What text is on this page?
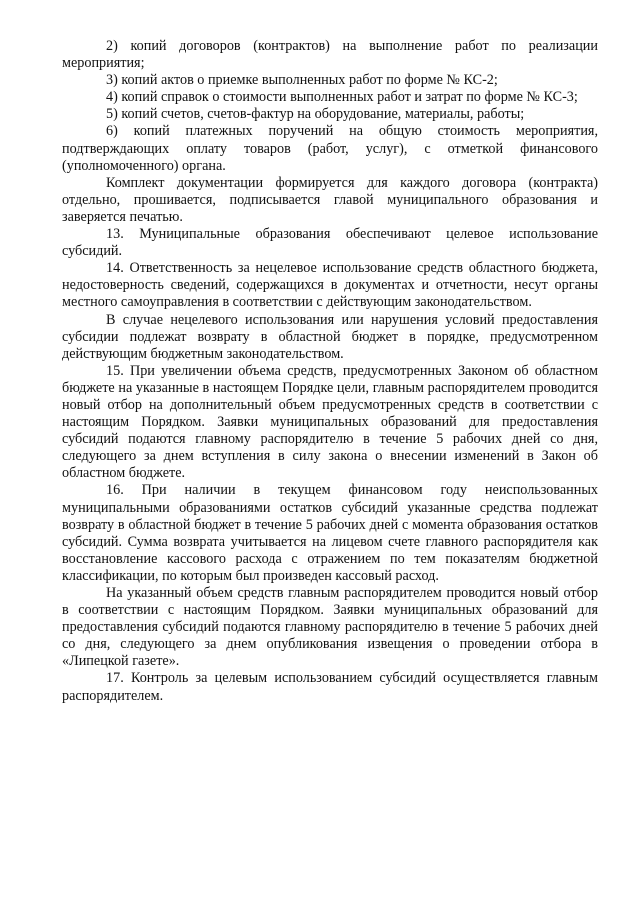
2) копий договоров (контрактов) на выполнение работ по реализации мероприятия;

3) копий актов о приемке выполненных работ по форме № КС-2;

4) копий справок о стоимости выполненных работ и затрат по форме № КС-3;

5) копий счетов, счетов-фактур на оборудование, материалы, работы;

6) копий платежных поручений на общую стоимость мероприятия, подтверждающих оплату товаров (работ, услуг), с отметкой финансового (уполномоченного) органа.

Комплект документации формируется для каждого договора (контракта) отдельно, прошивается, подписывается главой муниципального образования и заверяется печатью.

13. Муниципальные образования обеспечивают целевое использование субсидий.

14. Ответственность за нецелевое использование средств областного бюджета, недостоверность сведений, содержащихся в документах и отчетности, несут органы местного самоуправления в соответствии с действующим законодательством.

В случае нецелевого использования или нарушения условий предоставления субсидии подлежат возврату в областной бюджет в порядке, предусмотренном действующим бюджетным законодательством.

15. При увеличении объема средств, предусмотренных Законом об областном бюджете на указанные в настоящем Порядке цели, главным распорядителем проводится новый отбор на дополнительный объем предусмотренных средств в соответствии с настоящим Порядком. Заявки муниципальных образований для предоставления субсидий подаются главному распорядителю в течение 5 рабочих дней со дня, следующего за днем вступления в силу закона о внесении изменений в Закон об областном бюджете.

16. При наличии в текущем финансовом году неиспользованных муниципальными образованиями остатков субсидий указанные средства подлежат возврату в областной бюджет в течение 5 рабочих дней с момента образования остатков субсидий. Сумма возврата учитывается на лицевом счете главного распорядителя как восстановление кассового расхода с отражением по тем показателям бюджетной классификации, по которым был произведен кассовый расход.

На указанный объем средств главным распорядителем проводится новый отбор в соответствии с настоящим Порядком. Заявки муниципальных образований для предоставления субсидий подаются главному распорядителю в течение 5 рабочих дней со дня, следующего за днем опубликования извещения о проведении отбора в «Липецкой газете».

17. Контроль за целевым использованием субсидий осуществляется главным распорядителем.
